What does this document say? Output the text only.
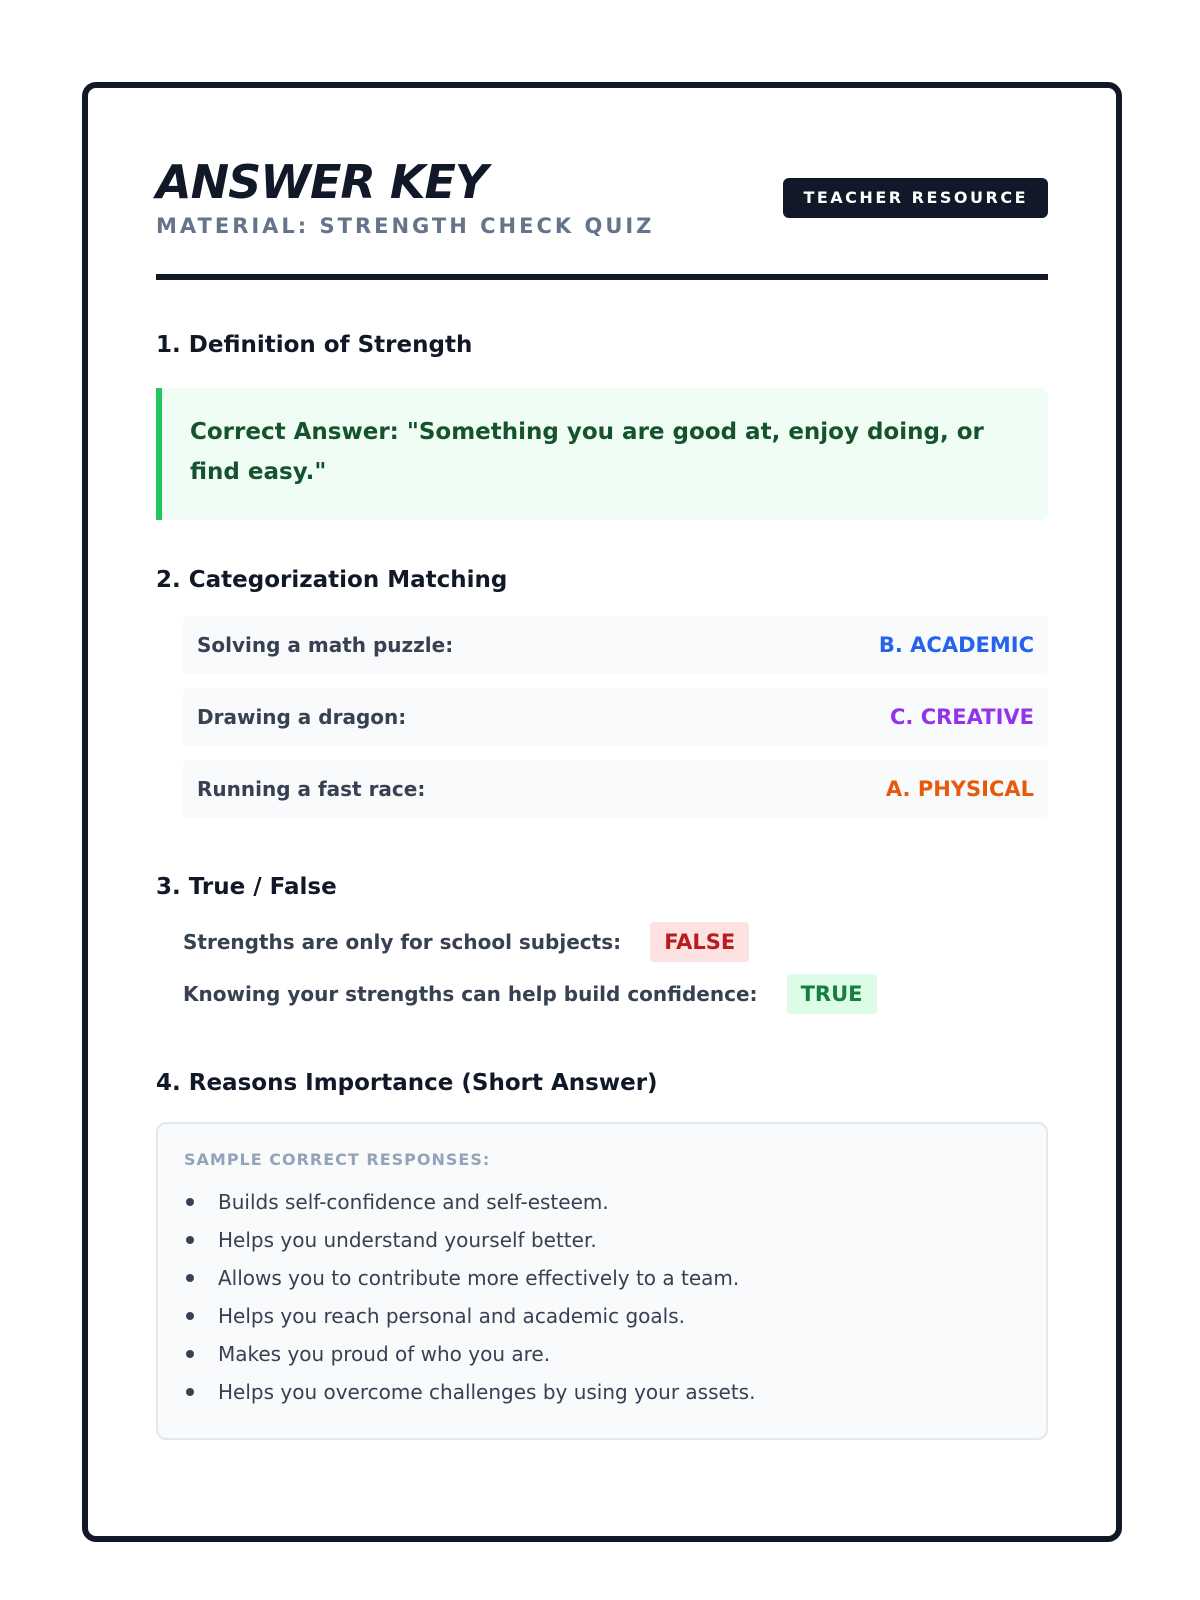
ANSWER KEY
MATERIAL: STRENGTH CHECK QUIZ
TEACHER RESOURCE
1. Definition of Strength
Correct Answer: "Something you are good at, enjoy doing, or find easy."
2. Categorization Matching
Solving a math puzzle:	B. ACADEMIC
Drawing a dragon:	C. CREATIVE
Running a fast race:	A. PHYSICAL
3. True / False
Strengths are only for school subjects: FALSE
Knowing your strengths can help build confidence: TRUE
4. Reasons Importance (Short Answer)
SAMPLE CORRECT RESPONSES:
Builds self-confidence and self-esteem.
Helps you understand yourself better.
Allows you to contribute more effectively to a team.
Helps you reach personal and academic goals.
Makes you proud of who you are.
Helps you overcome challenges by using your assets.
